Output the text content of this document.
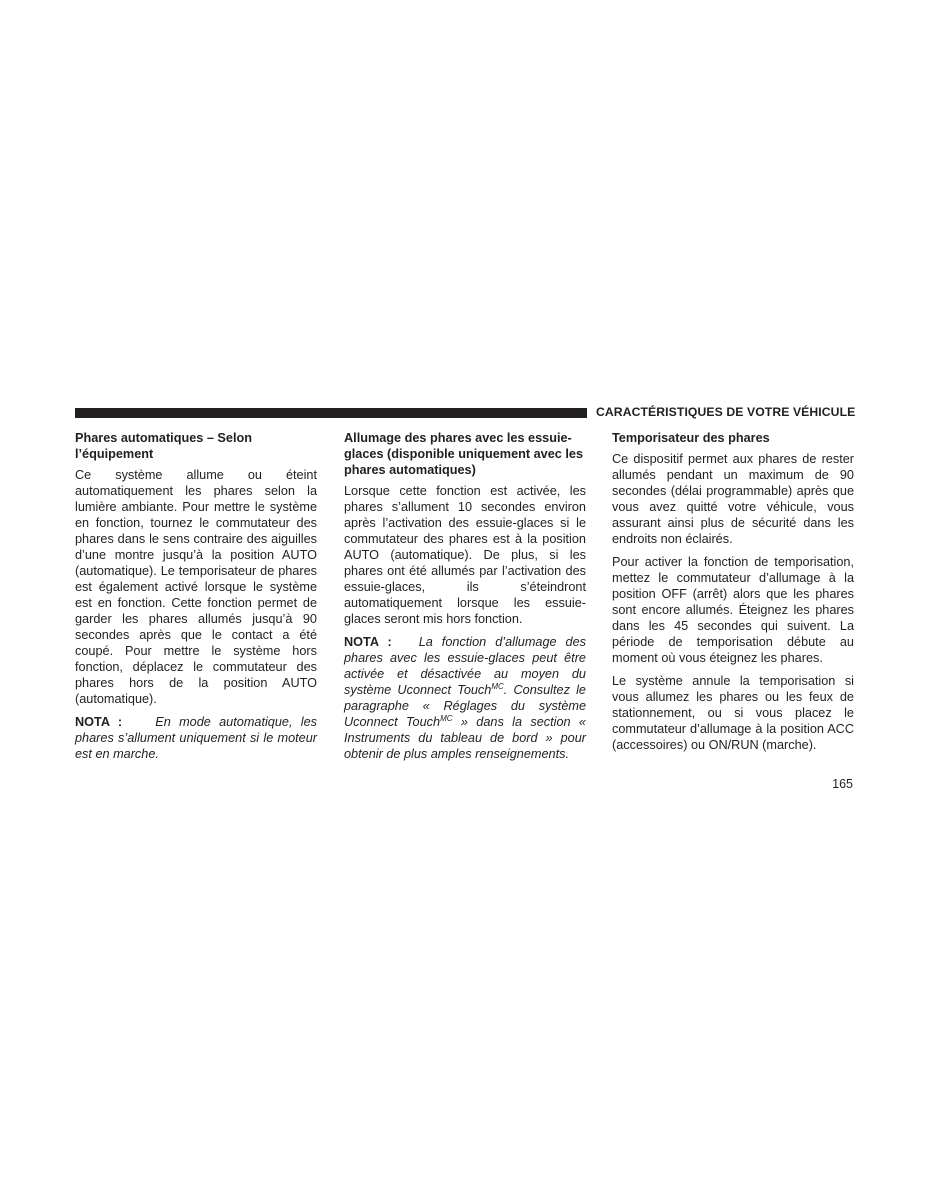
CARACTÉRISTIQUES DE VOTRE VÉHICULE
Phares automatiques – Selon l’équipement

Ce système allume ou éteint automatiquement les phares selon la lumière ambiante. Pour mettre le système en fonction, tournez le commutateur des phares dans le sens contraire des aiguilles d’une montre jusqu’à la position AUTO (automatique). Le temporisateur de phares est également activé lorsque le système est en fonction. Cette fonction permet de garder les phares allumés jusqu’à 90 secondes après que le contact a été coupé. Pour mettre le système hors fonction, déplacez le commutateur des phares hors de la position AUTO (automatique).

NOTA :	En mode automatique, les phares s’allument uniquement si le moteur est en marche.

Allumage des phares avec les essuie-glaces (disponible uniquement avec les phares automatiques)

Lorsque cette fonction est activée, les phares s’allument 10 secondes environ après l’activation des essuie-glaces si le commutateur des phares est à la position AUTO (automatique). De plus, si les phares ont été allumés par l’activation des essuie-glaces, ils s’éteindront automatiquement lorsque les essuie-glaces seront mis hors fonction.

NOTA : La fonction d’allumage des phares avec les essuie-glaces peut être activée et désactivée au moyen du système Uconnect Touch$^{MC}$. Consultez le paragraphe « Réglages du système Uconnect Touch$^{MC}$ » dans la section « Instruments du tableau de bord » pour obtenir de plus amples renseignements.

Temporisateur des phares

Ce dispositif permet aux phares de rester allumés pendant un maximum de 90 secondes (délai programmable) après que vous avez quitté votre véhicule, vous assurant ainsi plus de sécurité dans les endroits non éclairés.

Pour activer la fonction de temporisation, mettez le commutateur d’allumage à la position OFF (arrêt) alors que les phares sont encore allumés. Éteignez les phares dans les 45 secondes qui suivent. La période de temporisation débute au moment où vous éteignez les phares.

Le système annule la temporisation si vous allumez les phares ou les feux de stationnement, ou si vous placez le commutateur d’allumage à la position ACC (accessoires) ou ON/RUN (marche).

165
